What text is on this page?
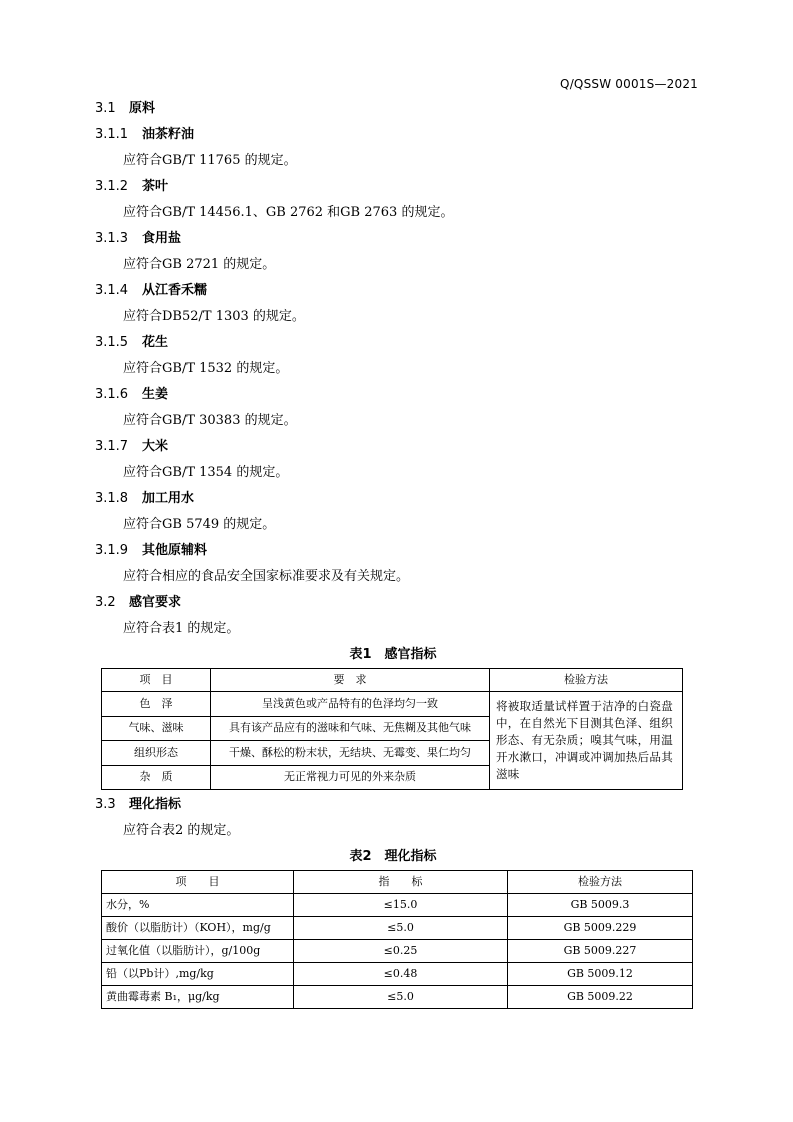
Q/QSSW 0001S—2021
3.1 原料
3.1.1 油茶籽油
应符合GB/T 11765 的规定。
3.1.2 茶叶
应符合GB/T 14456.1、GB 2762 和GB 2763 的规定。
3.1.3 食用盐
应符合GB 2721 的规定。
3.1.4 从江香禾糯
应符合DB52/T 1303 的规定。
3.1.5 花生
应符合GB/T 1532 的规定。
3.1.6 生姜
应符合GB/T 30383 的规定。
3.1.7 大米
应符合GB/T 1354 的规定。
3.1.8 加工用水
应符合GB 5749 的规定。
3.1.9 其他原辅料
应符合相应的食品安全国家标准要求及有关规定。
3.2 感官要求
应符合表1 的规定。
表1　感官指标
项　目	要　求	检验方法
色　泽	呈浅黄色或产品特有的色泽均匀一致	将被取适量试样置于洁净的白瓷盘中，在自然光下目测其色泽、组织形态、有无杂质；嗅其气味，用温开水漱口，冲调或冲调加热后品其滋味
气味、滋味	具有该产品应有的滋味和气味、无焦糊及其他气味	
组织形态	干燥、酥松的粉末状，无结块、无霉变、果仁均匀	
杂　质	无正常视力可见的外来杂质	
3.3 理化指标
应符合表2 的规定。
表2　理化指标
项　　目	指　　标	检验方法
水分，%	≤15.0	GB 5009.3
酸价（以脂肪计）（KOH），mg/g	≤5.0	GB 5009.229
过氧化值（以脂肪计），g/100g	≤0.25	GB 5009.227
铅（以Pb计）,mg/kg	≤0.48	GB 5009.12
黄曲霉毒素 B₁，μg/kg	≤5.0	GB 5009.22
